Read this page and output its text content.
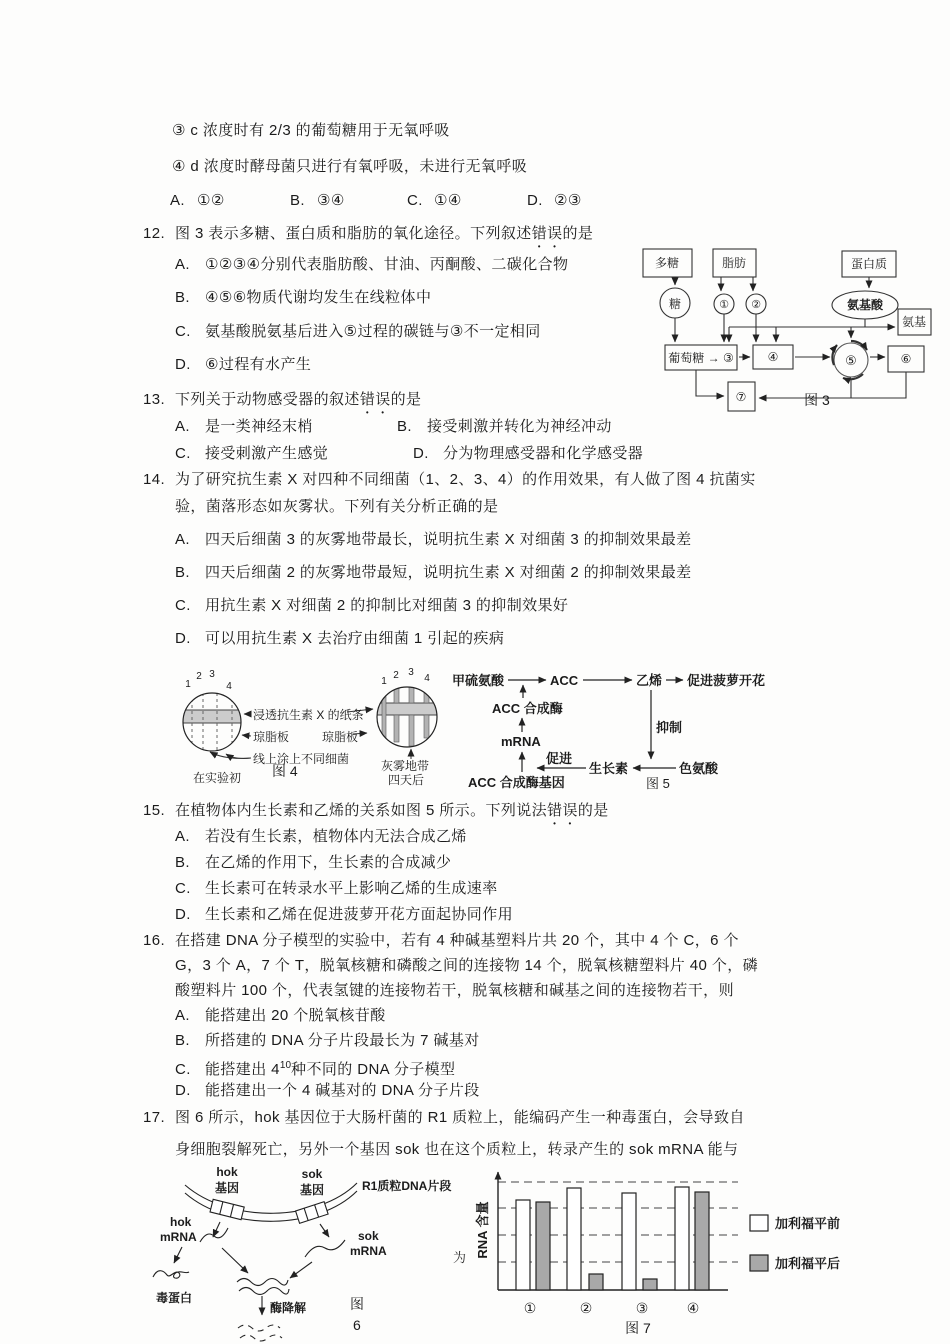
③ c 浓度时有 2/3 的葡萄糖用于无氧呼吸
④ d 浓度时酵母菌只进行有氧呼吸，未进行无氧呼吸
A. ①②	B. ③④	C. ①④	D. ②③
12. 图 3 表示多糖、蛋白质和脂肪的氧化途径。下列叙述错误的是
A. ①②③④分别代表脂肪酸、甘油、丙酮酸、二碳化合物
B. ④⑤⑥物质代谢均发生在线粒体中
C. 氨基酸脱氨基后进入⑤过程的碳链与③不一定相同
D. ⑥过程有水产生
多糖	脂肪	蛋白质
糖	① ②	氨基酸
氨基
葡萄糖 → ③	④	⑤	⑥
⑦	图 3
13. 下列关于动物感受器的叙述错误的是
A. 是一类神经末梢	B. 接受刺激并转化为神经冲动
C. 接受刺激产生感觉	D. 分为物理感受器和化学感受器
14. 为了研究抗生素 X 对四种不同细菌（1、2、3、4）的作用效果，有人做了图 4 抗菌实
验，菌落形态如灰雾状。下列有关分析正确的是
A. 四天后细菌 3 的灰雾地带最长，说明抗生素 X 对细菌 3 的抑制效果最差
B. 四天后细菌 2 的灰雾地带最短，说明抗生素 X 对细菌 2 的抑制效果最差
C. 用抗生素 X 对细菌 2 的抑制比对细菌 3 的抑制效果好
D. 可以用抗生素 X 去治疗由细菌 1 引起的疾病
1
2 3
4	1
2 3
4
浸透抗生素 X 的纸条
琼脂板	琼脂板
线上涂上不同细菌
图 4
在实验初
灰雾地带
四天后
甲硫氨酸	ACC	乙烯 促进菠萝开花
ACC 合成酶
mRNA
ACC 合成酶基因
促进
生长素	色氨酸
抑制
图 5
15. 在植物体内生长素和乙烯的关系如图 5 所示。下列说法错误的是
A. 若没有生长素，植物体内无法合成乙烯
B. 在乙烯的作用下，生长素的合成减少
C. 生长素可在转录水平上影响乙烯的生成速率
D. 生长素和乙烯在促进菠萝开花方面起协同作用
16. 在搭建 DNA 分子模型的实验中，若有 4 种碱基塑料片共 20 个，其中 4 个 C，6 个
G，3 个 A，7 个 T，脱氧核糖和磷酸之间的连接物 14 个，脱氧核糖塑料片 40 个，磷
酸塑料片 100 个，代表氢键的连接物若干，脱氧核糖和碱基之间的连接物若干，则
A. 能搭建出 20 个脱氧核苷酸
B. 所搭建的 DNA 分子片段最长为 7 碱基对
C. 能搭建出 $4^{10}$种不同的 DNA 分子模型
D. 能搭建出一个 4 碱基对的 DNA 分子片段
17. 图 6 所示，hok 基因位于大肠杆菌的 R1 质粒上，能编码产生一种毒蛋白，会导致自
身细胞裂解死亡，另外一个基因 sok 也在这个质粒上，转录产生的 sok mRNA 能与
hok
基因
sok
基因	R1质粒DNA片段
hok
mRNA	sok
mRNA
毒蛋白
酶降解	图
6
为
①	②	③	④
图 7
RNA 含量	加利福平前
加利福平后
